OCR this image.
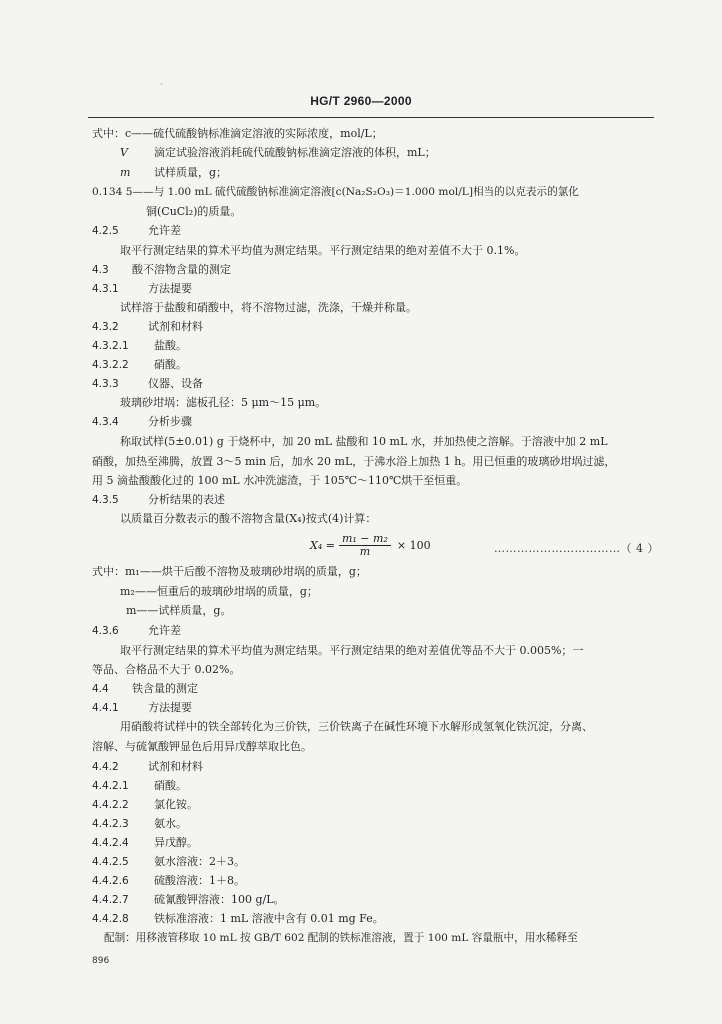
·
HG/T 2960—2000
式中：c——硫代硫酸钠标准滴定溶液的实际浓度，mol/L；
V 滴定试验溶液消耗硫代硫酸钠标准滴定溶液的体积，mL；
m 试样质量，g；
0.134 5——与 1.00 mL 硫代硫酸钠标准滴定溶液[c(Na₂S₂O₃)＝1.000 mol/L]相当的以克表示的氯化
铜(CuCl₂)的质量。
4.2.5	允许差
取平行测定结果的算术平均值为测定结果。平行测定结果的绝对差值不大于 0.1%。
4.3 酸不溶物含量的测定
4.3.1	方法提要
试样溶于盐酸和硝酸中，将不溶物过滤，洗涤，干燥并称量。
4.3.2	试剂和材料
4.3.2.1 盐酸。
4.3.2.2 硝酸。
4.3.3	仪器、设备
玻璃砂坩埚：滤板孔径：5 μm～15 μm。
4.3.4	分析步骤
称取试样(5±0.01) g 于烧杯中，加 20 mL 盐酸和 10 mL 水，并加热使之溶解。于溶液中加 2 mL
硝酸，加热至沸腾，放置 3～5 min 后，加水 20 mL，于沸水浴上加热 1 h。用已恒重的玻璃砂坩埚过滤，
用 5 滴盐酸酸化过的 100 mL 水冲洗滤渣，于 105℃～110℃烘干至恒重。
4.3.5	分析结果的表述
以质量百分数表示的酸不溶物含量(X₄)按式(4)计算：
$X_4 = \frac{\text{m₁ − m₂}}{m} \times 100$	……………………………（ 4 ）
式中：m₁——烘干后酸不溶物及玻璃砂坩埚的质量，g；
m₂——恒重后的玻璃砂坩埚的质量，g；
m——试样质量，g。
4.3.6	允许差
取平行测定结果的算术平均值为测定结果。平行测定结果的绝对差值优等品不大于 0.005%；一
等品、合格品不大于 0.02%。
4.4 铁含量的测定
4.4.1	方法提要
用硝酸将试样中的铁全部转化为三价铁，三价铁离子在碱性环境下水解形成氢氧化铁沉淀，分离、
溶解、与硫氰酸钾显色后用异戊醇萃取比色。
4.4.2	试剂和材料
4.4.2.1 硝酸。
4.4.2.2 氯化铵。
4.4.2.3 氨水。
4.4.2.4 异戊醇。
4.4.2.5 氨水溶液：2＋3。
4.4.2.6 硫酸溶液：1＋8。
4.4.2.7 硫氰酸钾溶液：100 g/L。
4.4.2.8 铁标准溶液：1 mL 溶液中含有 0.01 mg Fe。
配制：用移液管移取 10 mL 按 GB/T 602 配制的铁标准溶液，置于 100 mL 容量瓶中，用水稀释至
896
